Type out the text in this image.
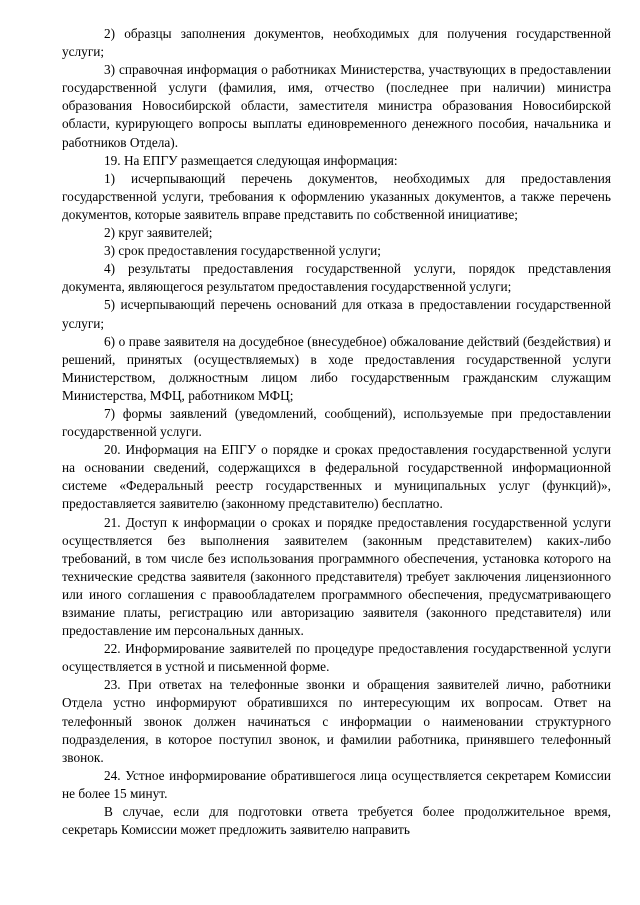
2) образцы заполнения документов, необходимых для получения государственной услуги;

3) справочная информация о работниках Министерства, участвующих в предоставлении государственной услуги (фамилия, имя, отчество (последнее при наличии) министра образования Новосибирской области, заместителя министра образования Новосибирской области, курирующего вопросы выплаты единовременного денежного пособия, начальника и работников Отдела).

19. На ЕПГУ размещается следующая информация:

1) исчерпывающий перечень документов, необходимых для предоставления государственной услуги, требования к оформлению указанных документов, а также перечень документов, которые заявитель вправе представить по собственной инициативе;

2) круг заявителей;

3) срок предоставления государственной услуги;

4) результаты предоставления государственной услуги, порядок представления документа, являющегося результатом предоставления государственной услуги;

5) исчерпывающий перечень оснований для отказа в предоставлении государственной услуги;

6) о праве заявителя на досудебное (внесудебное) обжалование действий (бездействия) и решений, принятых (осуществляемых) в ходе предоставления государственной услуги Министерством, должностным лицом либо государственным гражданским служащим Министерства, МФЦ, работником МФЦ;

7) формы заявлений (уведомлений, сообщений), используемые при предоставлении государственной услуги.

20. Информация на ЕПГУ о порядке и сроках предоставления государственной услуги на основании сведений, содержащихся в федеральной государственной информационной системе «Федеральный реестр государственных и муниципальных услуг (функций)», предоставляется заявителю (законному представителю) бесплатно.

21. Доступ к информации о сроках и порядке предоставления государственной услуги осуществляется без выполнения заявителем (законным представителем) каких-либо требований, в том числе без использования программного обеспечения, установка которого на технические средства заявителя (законного представителя) требует заключения лицензионного или иного соглашения с правообладателем программного обеспечения, предусматривающего взимание платы, регистрацию или авторизацию заявителя (законного представителя) или предоставление им персональных данных.

22. Информирование заявителей по процедуре предоставления государственной услуги осуществляется в устной и письменной форме.

23. При ответах на телефонные звонки и обращения заявителей лично, работники Отдела устно информируют обратившихся по интересующим их вопросам. Ответ на телефонный звонок должен начинаться с информации о наименовании структурного подразделения, в которое поступил звонок, и фамилии работника, принявшего телефонный звонок.

24. Устное информирование обратившегося лица осуществляется секретарем Комиссии не более 15 минут.

В случае, если для подготовки ответа требуется более продолжительное время, секретарь Комиссии может предложить заявителю направить
